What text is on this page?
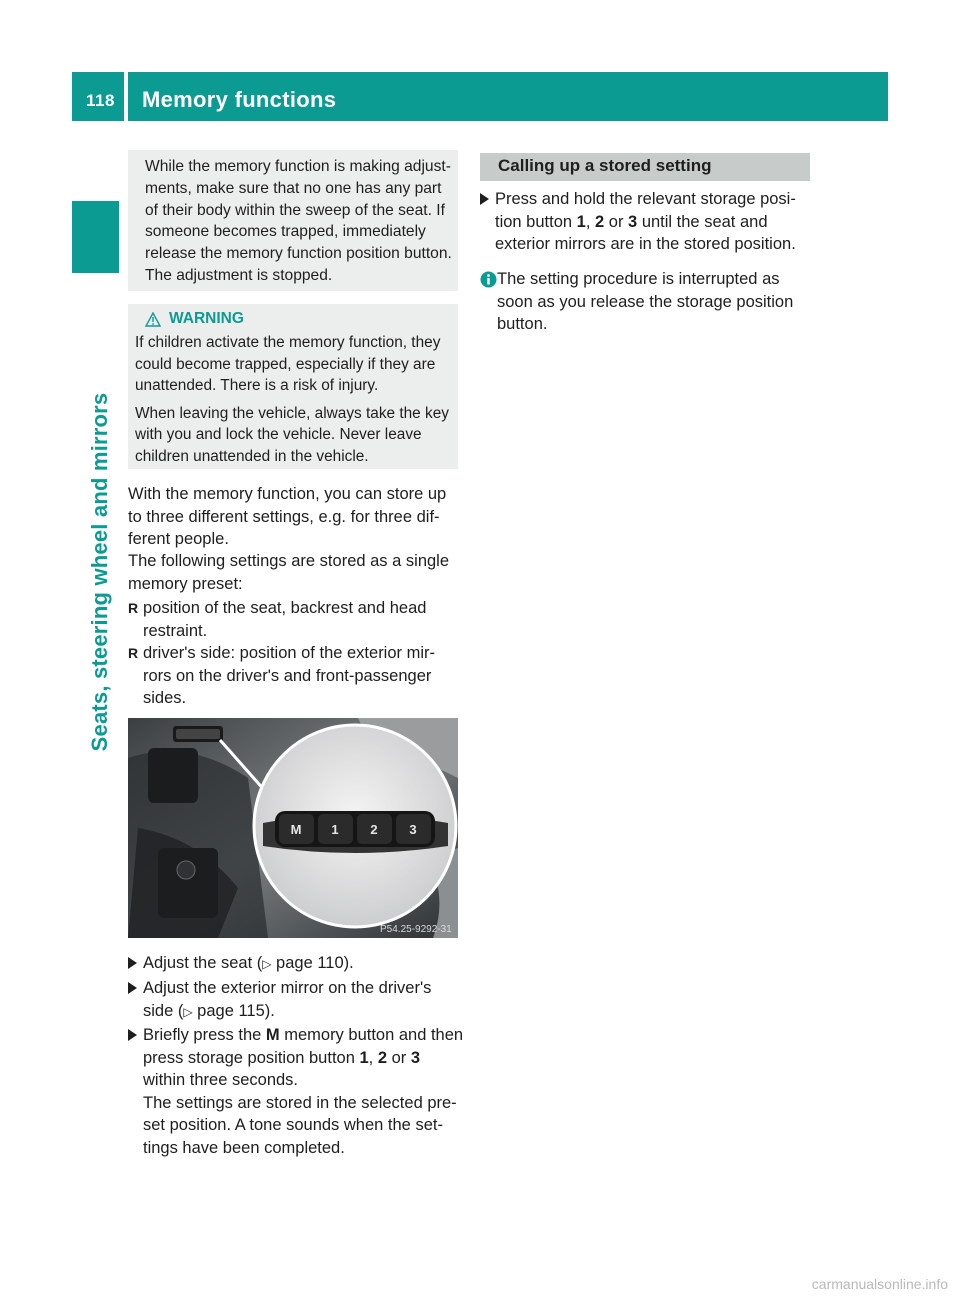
118 Memory functions
Seats, steering wheel and mirrors

While the memory function is making adjust-ments, make sure that no one has any part of their body within the sweep of the seat. If someone becomes trapped, immediately release the memory function position button. The adjustment is stopped.

WARNING

If children activate the memory function, they could become trapped, especially if they are unattended. There is a risk of injury.

When leaving the vehicle, always take the key with you and lock the vehicle. Never leave children unattended in the vehicle.

With the memory function, you can store up to three different settings, e.g. for three dif-ferent people.

The following settings are stored as a single memory preset:

R position of the seat, backrest and head restraint.
R driver's side: position of the exterior mir-rors on the driver's and front-passenger sides.
M 1 2 3
P54.25-9292-31
Adjust the seat (▷ page 110).
Adjust the exterior mirror on the driver's side (▷ page 115).
Briefly press the M memory button and then press storage position button 1, 2 or 3 within three seconds.
The settings are stored in the selected pre-set position. A tone sounds when the set-tings have been completed.
Calling up a stored setting
Press and hold the relevant storage posi-tion button 1, 2 or 3 until the seat and exterior mirrors are in the stored position.

The setting procedure is interrupted as soon as you release the storage position button.

carmanualsonline.info
